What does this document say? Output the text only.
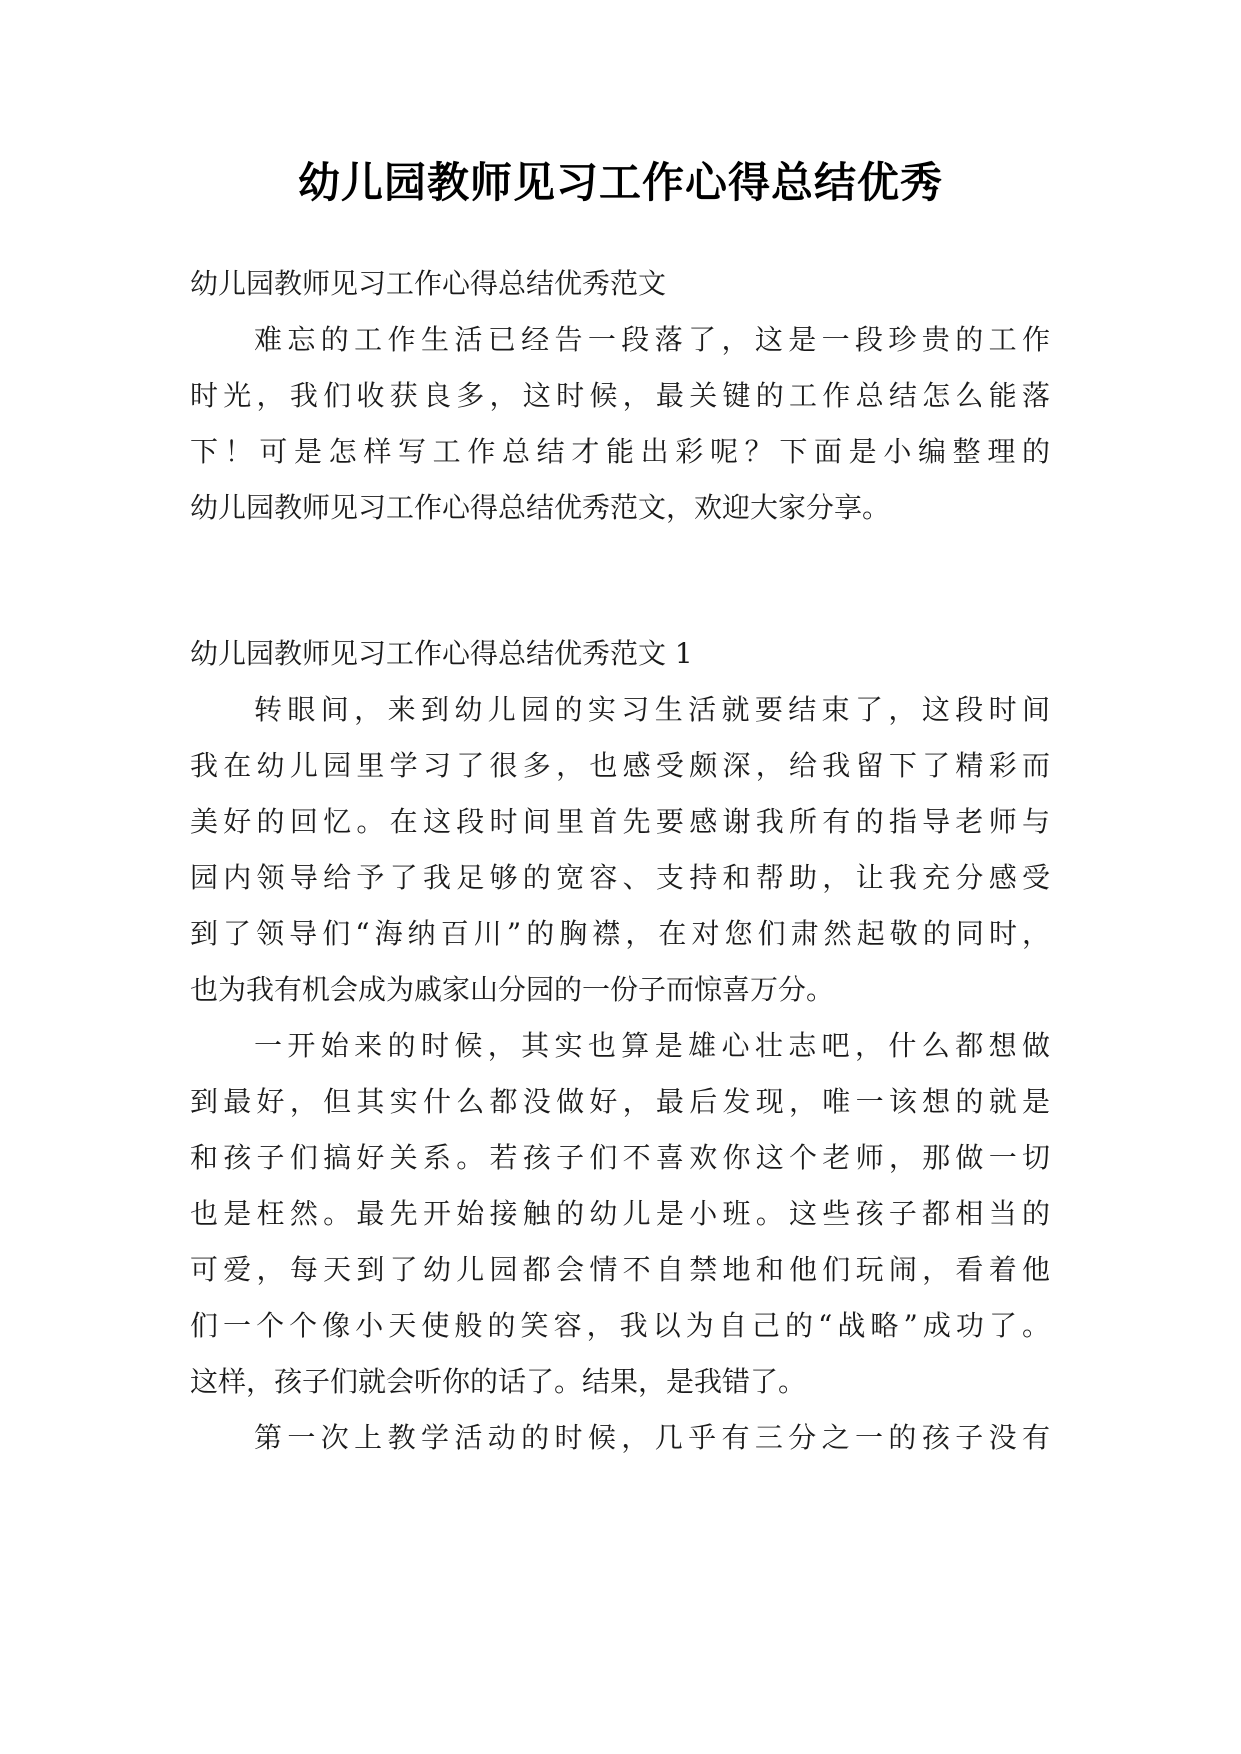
幼儿园教师见习工作心得总结优秀
幼儿园教师见习工作心得总结优秀范文
难忘的工作生活已经告一段落了，这是一段珍贵的工作
时光，我们收获良多，这时候，最关键的工作总结怎么能落
下！可是怎样写工作总结才能出彩呢？下面是小编整理的
幼儿园教师见习工作心得总结优秀范文，欢迎大家分享。
幼儿园教师见习工作心得总结优秀范文 1
转眼间，来到幼儿园的实习生活就要结束了，这段时间
我在幼儿园里学习了很多，也感受颇深，给我留下了精彩而
美好的回忆。在这段时间里首先要感谢我所有的指导老师与
园内领导给予了我足够的宽容、支持和帮助，让我充分感受
到了领导们“海纳百川”的胸襟，在对您们肃然起敬的同时，
也为我有机会成为戚家山分园的一份子而惊喜万分。
一开始来的时候，其实也算是雄心壮志吧，什么都想做
到最好，但其实什么都没做好，最后发现，唯一该想的就是
和孩子们搞好关系。若孩子们不喜欢你这个老师，那做一切
也是枉然。最先开始接触的幼儿是小班。这些孩子都相当的
可爱，每天到了幼儿园都会情不自禁地和他们玩闹，看着他
们一个个像小天使般的笑容，我以为自己的“战略”成功了。
这样，孩子们就会听你的话了。结果，是我错了。
第一次上教学活动的时候，几乎有三分之一的孩子没有
